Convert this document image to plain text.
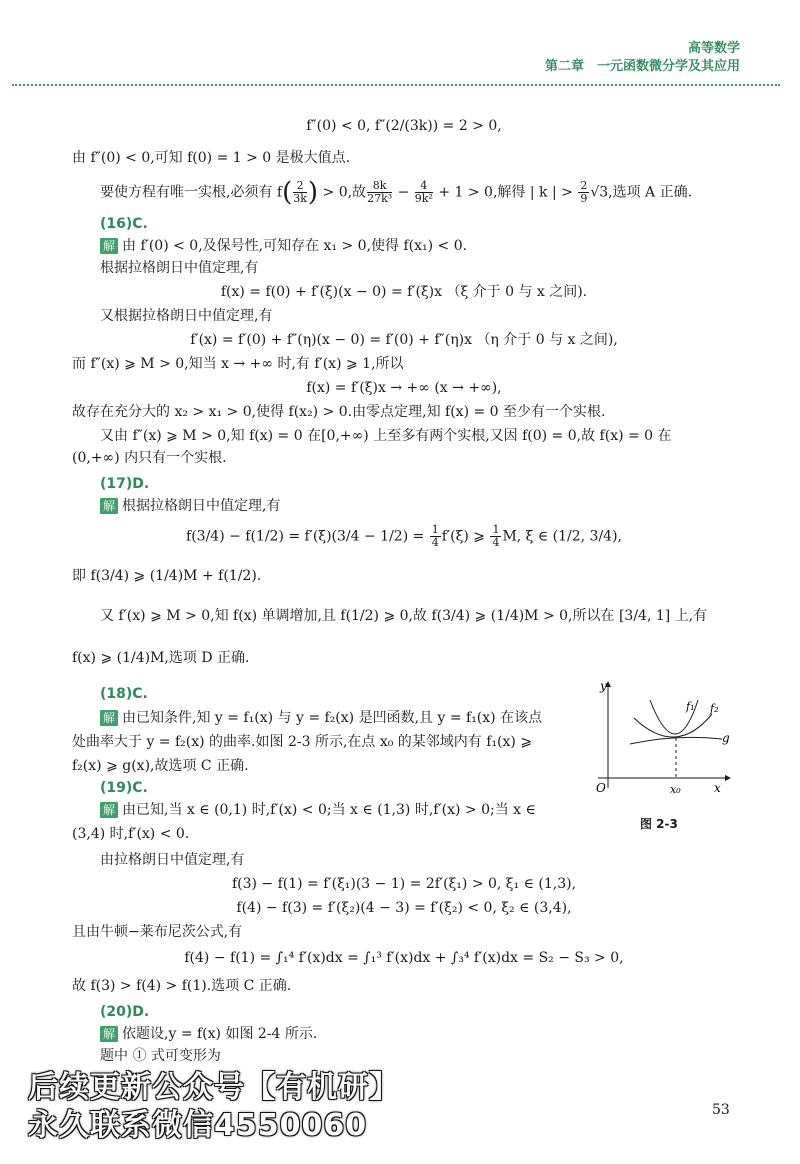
高等数学
第二章　一元函数微分学及其应用
f″(0) < 0, f″(2/(3k)) = 2 > 0,
由 f″(0) < 0,可知 f(0) = 1 > 0 是极大值点.
要使方程有唯一实根,必须有 $f( \frac{2}{3k}$ ) > 0,故 $\frac{8k}{\text{27k³}} - \frac{4}{\text{9k²}} + 1 > 0$,解得 | k | > $\frac{2}{9} √3$,选项 A 正确.
(16)C.
解 由 f′(0) < 0,及保号性,可知存在 x₁ > 0,使得 f(x₁) < 0.
根据拉格朗日中值定理,有
f(x) = f(0) + f′(ξ)(x − 0) = f′(ξ)x （ξ 介于 0 与 x 之间).
又根据拉格朗日中值定理,有
f′(x) = f′(0) + f″(η)(x − 0) = f′(0) + f″(η)x （η 介于 0 与 x 之间),
而 f″(x) ⩾ M > 0,知当 x → +∞ 时,有 f′(x) ⩾ 1,所以
f(x) = f′(ξ)x → +∞ (x → +∞),
故存在充分大的 x₂ > x₁ > 0,使得 f(x₂) > 0.由零点定理,知 f(x) = 0 至少有一个实根.
又由 f″(x) ⩾ M > 0,知 f(x) = 0 在[0,+∞) 上至多有两个实根,又因 f(0) = 0,故 f(x) = 0 在
(0,+∞) 内只有一个实根.
(17)D.
解 根据拉格朗日中值定理,有
$f(3/4) - f(1/2) = f'(\xi)(3/4 - 1/2) = \frac{1}{4} f'(\xi)$ ⩾ $\frac{1}{4} M$, ξ ∈ (1/2, 3/4),
即 f(3/4) ⩾ (1/4)M + f(1/2).
又 f′(x) ⩾ M > 0,知 f(x) 单调增加,且 f(1/2) ⩾ 0,故 f(3/4) ⩾ (1/4)M > 0,所以在 [3/4, 1] 上,有
f(x) ⩾ (1/4)M,选项 D 正确.
(18)C.
解 由已知条件,知 y = f₁(x) 与 y = f₂(x) 是凹函数,且 y = f₁(x) 在该点
处曲率大于 y = f₂(x) 的曲率.如图 2-3 所示,在点 x₀ 的某邻域内有 f₁(x) ⩾
f₂(x) ⩾ g(x),故选项 C 正确.
(19)C.
解 由已知,当 x ∈ (0,1) 时,f′(x) < 0;当 x ∈ (1,3) 时,f′(x) > 0;当 x ∈
(3,4) 时,f′(x) < 0.
由拉格朗日中值定理,有
f(3) − f(1) = f′(ξ₁)(3 − 1) = 2f′(ξ₁) > 0, ξ₁ ∈ (1,3),
f(4) − f(3) = f′(ξ₂)(4 − 3) = f′(ξ₂) < 0, ξ₂ ∈ (3,4),
且由牛顿−莱布尼茨公式,有
f(4) − f(1) = ∫₁⁴ f′(x)dx = ∫₁³ f′(x)dx + ∫₃⁴ f′(x)dx = S₂ − S₃ > 0,
故 f(3) > f(4) > f(1).选项 C 正确.
(20)D.
解 依题设,y = f(x) 如图 2-4 所示.
题中 ① 式可变形为
y
x
O	x₀
f₁ f₂
g
图 2-3
53
后续更新公众号【有机研】
永久联系微信4550060
